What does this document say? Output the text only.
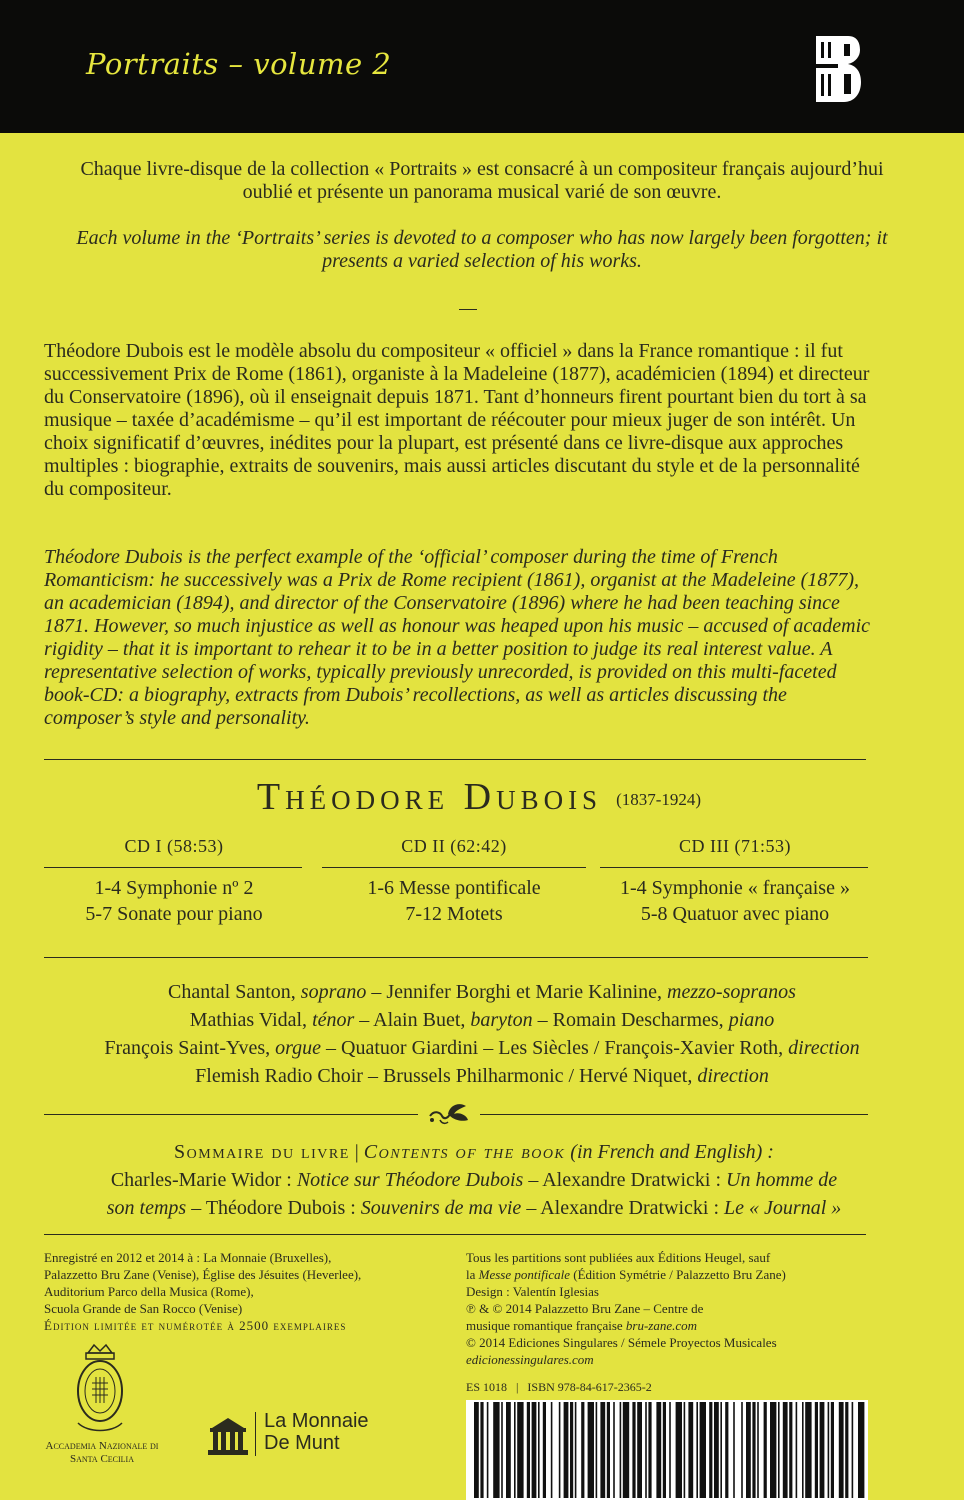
Portraits – volume 2
Chaque livre-disque de la collection « Portraits » est consacré à un compositeur français aujourd’hui oublié et présente un panorama musical varié de son œuvre.
Each volume in the ‘Portraits’ series is devoted to a composer who has now largely been forgotten; it presents a varied selection of his works.
Théodore Dubois est le modèle absolu du compositeur « officiel » dans la France romantique : il fut successivement Prix de Rome (1861), organiste à la Madeleine (1877), académicien (1894) et directeur du Conservatoire (1896), où il enseignait depuis 1871. Tant d’honneurs firent pourtant bien du tort à sa musique – taxée d’académisme – qu’il est important de réécouter pour mieux juger de son intérêt. Un choix significatif d’œuvres, inédites pour la plupart, est présenté dans ce livre-disque aux approches multiples : biographie, extraits de souvenirs, mais aussi articles discutant du style et de la personnalité du compositeur.
Théodore Dubois is the perfect example of the ‘official’ composer during the time of French Romanticism: he successively was a Prix de Rome recipient (1861), organist at the Madeleine (1877), an academician (1894), and director of the Conservatoire (1896) where he had been teaching since 1871. However, so much injustice as well as honour was heaped upon his music – accused of academic rigidity – that it is important to rehear it to be in a better position to judge its real interest value. A representative selection of works, typically previously unrecorded, is provided on this multi-faceted book-CD: a biography, extracts from Dubois’ recollections, as well as articles discussing the composer’s style and personality.
Théodore Dubois (1837-1924)
CD I (58:53)
1-4 Symphonie nº 2
5-7 Sonate pour piano
CD II (62:42)
1-6 Messe pontificale
7-12 Motets
CD III (71:53)
1-4 Symphonie « française »
5-8 Quatuor avec piano
Chantal Santon, soprano – Jennifer Borghi et Marie Kalinine, mezzo-sopranos
Mathias Vidal, ténor – Alain Buet, baryton – Romain Descharmes, piano
François Saint-Yves, orgue – Quatuor Giardini – Les Siècles / François-Xavier Roth, direction
Flemish Radio Choir – Brussels Philharmonic / Hervé Niquet, direction
Sommaire du livre | Contents of the book (in French and English) :
Charles-Marie Widor : Notice sur Théodore Dubois – Alexandre Dratwicki : Un homme de
son temps – Théodore Dubois : Souvenirs de ma vie – Alexandre Dratwicki : Le « Journal »
Enregistré en 2012 et 2014 à : La Monnaie (Bruxelles),
Palazzetto Bru Zane (Venise), Église des Jésuites (Heverlee),
Auditorium Parco della Musica (Rome),
Scuola Grande de San Rocco (Venise)
Édition limitée et numérotée à 2500 exemplaires
Tous les partitions sont publiées aux Éditions Heugel, sauf
la Messe pontificale (Édition Symétrie / Palazzetto Bru Zane)
Design : Valentín Iglesias
℗ & © 2014 Palazzetto Bru Zane – Centre de
musique romantique française bru-zane.com
© 2014 Ediciones Singulares / Sémele Proyectos Musicales
edicionessingulares.com
ES 1018 | ISBN 978-84-617-2365-2
Accademia Nazionale di Santa Cecilia
La Monnaie
De Munt
